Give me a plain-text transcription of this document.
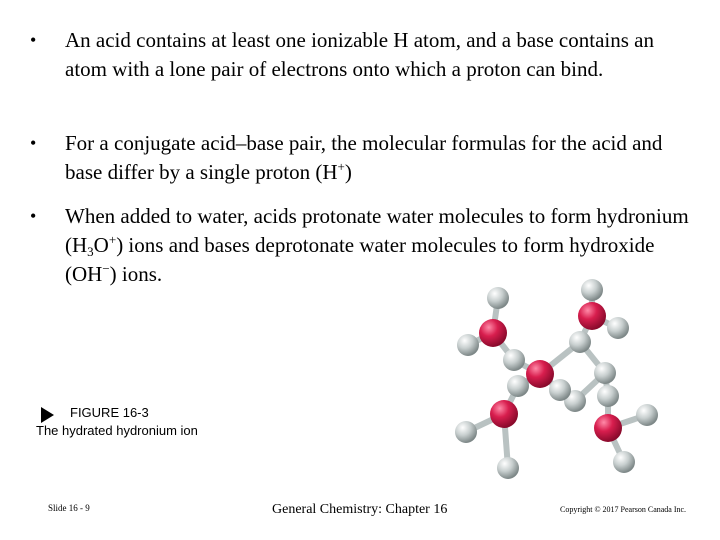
• An acid contains at least one ionizable H atom, and a base contains an atom with a lone pair of electrons onto which a proton can bind.
• For a conjugate acid–base pair, the molecular formulas for the acid and base differ by a single proton (H+)
• When added to water, acids protonate water molecules to form hydronium $(H_3O^+)$ ions and bases deprotonate water molecules to form hydroxide (OH−) ions.
FIGURE 16-3
The hydrated hydronium ion
Slide 16 - 9	General Chemistry: Chapter 16	Copyright © 2017 Pearson Canada Inc.
